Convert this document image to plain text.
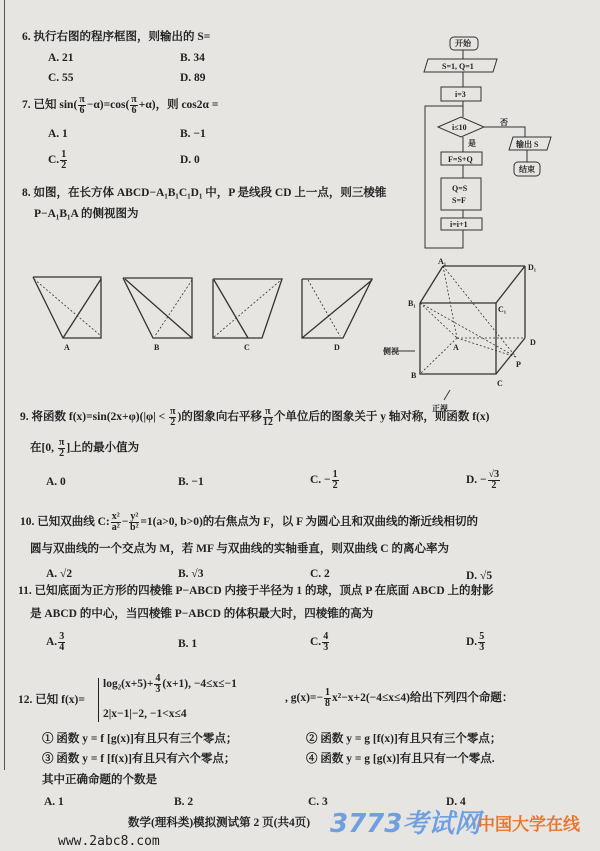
6. 执行右图的程序框图，则输出的 S=
A. 21	B. 34
C. 55	D. 89
7. 已知 $\sin( \frac{\pi}{6} -\alpha)=\cos( \frac{\pi}{6} +\alpha)$，则 cos2α =
A. 1	B. −1
C. $\frac{1}{2}$	D. 0
8. 如图，在长方体 ABCD−A₁B₁C₁D₁ 中，P 是线段 CD 上一点，则三棱锥
P−A₁B₁A 的侧视图为
A	B	C	D
A₁
D₁
B₁
C₁
A
D
P
B
C
侧视
正视
开始
S=1, Q=1
i=3
i≤10
否
是	输出 S
结束
F=S+Q
Q=S
S=F
i=i+1
9. 将函数 $f(x)=\sin(2x+\varphi)(|\varphi| < \frac{\pi}{2}$ )的图象向右平移 $\frac{\pi}{12}$ 个单位后的图象关于 y 轴对称，则函数 f(x)
在[0, $\frac{\pi}{2}$ ]上的最小值为
A. 0	B. −1	C. − $\frac{1}{2}$	D. − $\frac{√3}{2}$
10. 已知双曲线 C: $\frac{\text{x²}}{\text{a²}} - \frac{\text{y²}}{\text{b²}} =1(a>0$, b>0)的右焦点为 F，以 F 为圆心且和双曲线的渐近线相切的
圆与双曲线的一个交点为 M，若 MF 与双曲线的实轴垂直，则双曲线 C 的离心率为
A. √2	B. √3	C. 2	D. √5
11. 已知底面为正方形的四棱锥 P−ABCD 内接于半径为 1 的球，顶点 P 在底面 ABCD 上的射影
是 ABCD 的中心，当四棱锥 P−ABCD 的体积最大时，四棱锥的高为
A. $\frac{3}{4}$	B. 1	C. $\frac{4}{3}$	D. $\frac{5}{3}$
12. 已知 f(x)=
$\log_2(x+5)+ \frac{4}{3} (x+1)$, −4≤x≤−1
2|x−1|−2, −1<x≤4
, $g(x)=- \frac{1}{8} x^2-x+2(-4\le x\le 4)$给出下列四个命题：
① 函数 y = f [g(x)]有且只有三个零点；	② 函数 y = g [f(x)]有且只有三个零点；
③ 函数 y = f [f(x)]有且只有六个零点；	④ 函数 y = g [g(x)]有且只有一个零点.
其中正确命题的个数是
A. 1	B. 2	C. 3	D. 4
数学(理科类)模拟测试第 2 页(共4页)
www.2abc8.com
3773考试网
中国大学在线
